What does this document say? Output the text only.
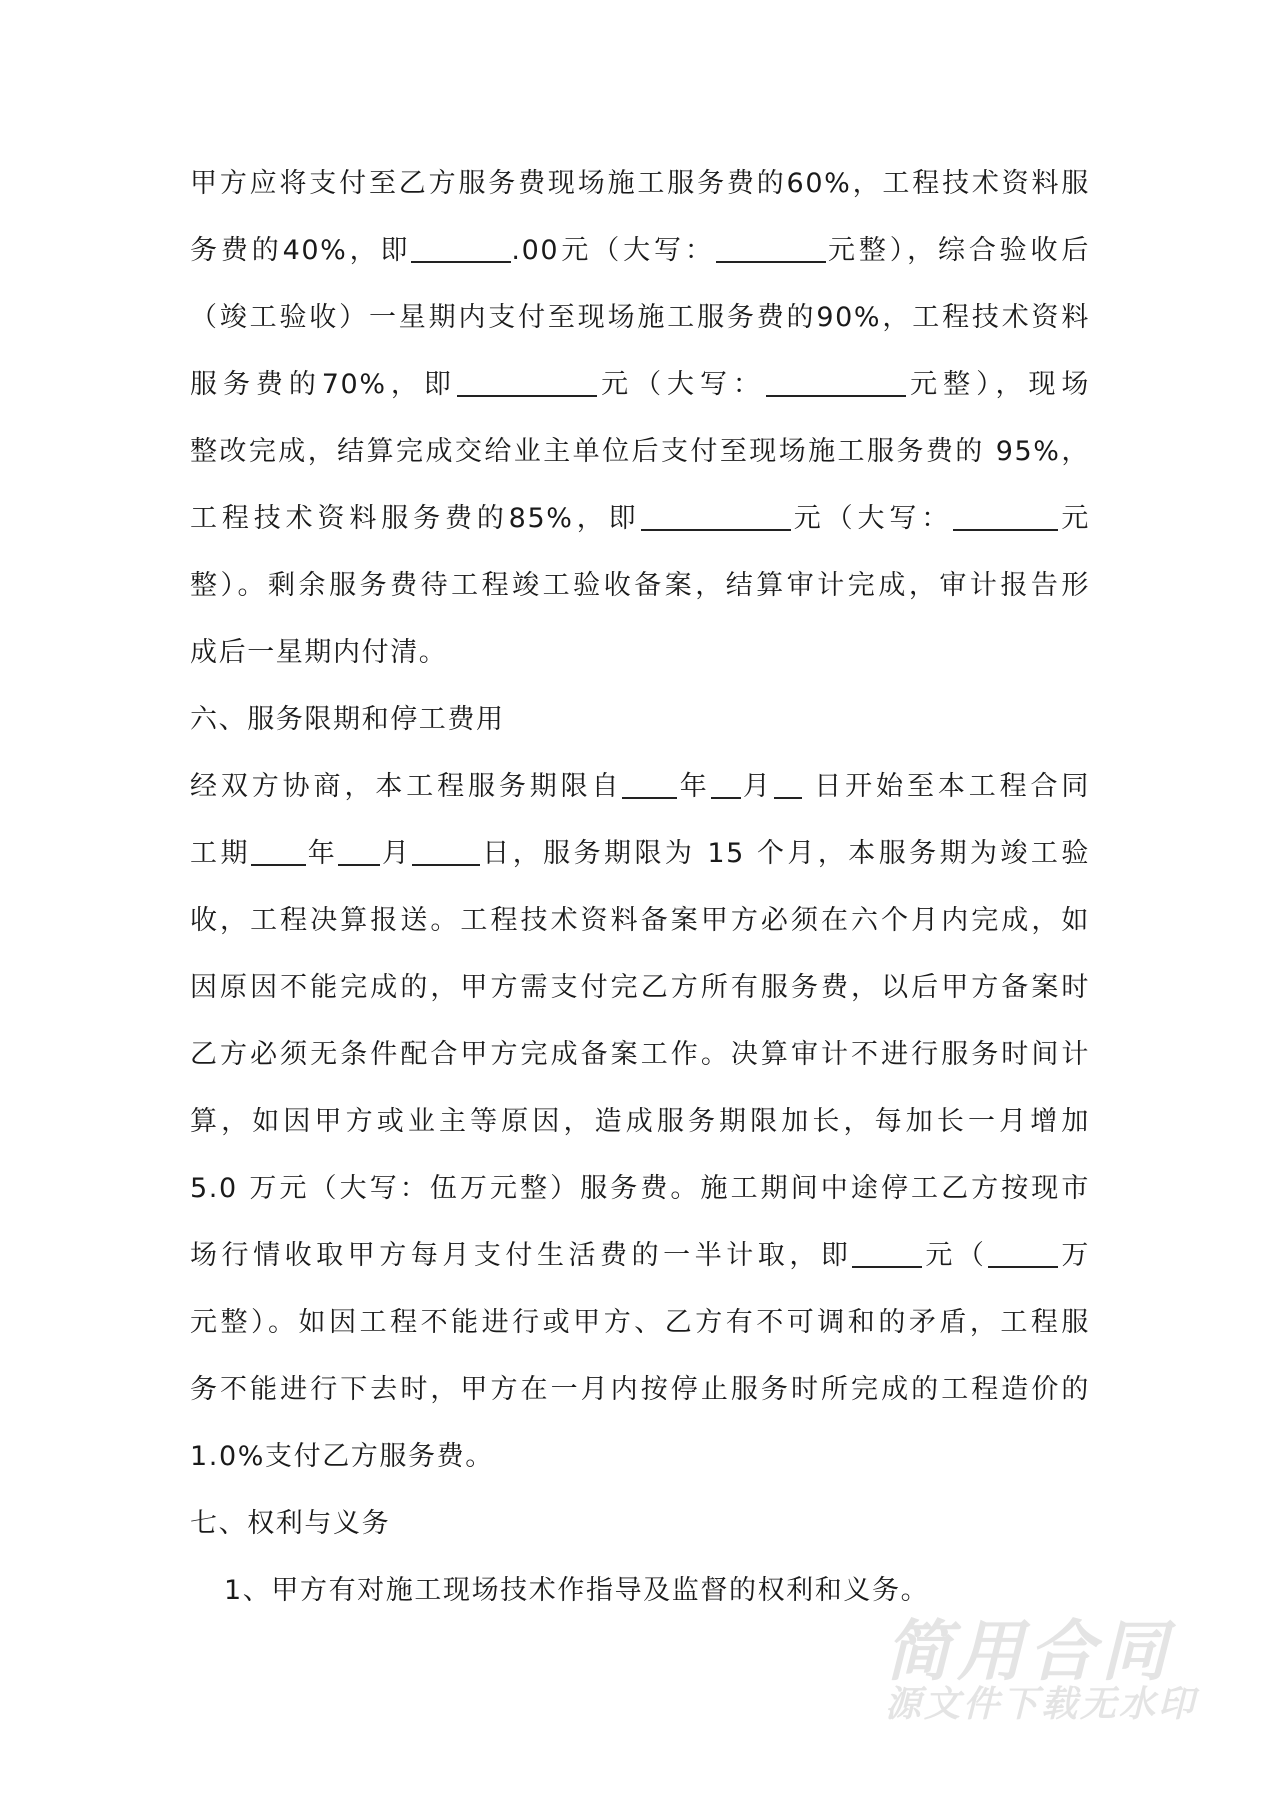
简用合同
源文件下载无水印
甲方应将支付至乙方服务费现场施工服务费的60%，工程技术资料服
务费的40%，即	.00元（大写：	元整），综合验收后
（竣工验收）一星期内支付至现场施工服务费的90%，工程技术资料
服务费的70%，即	元（大写：	元整），现场
整改完成，结算完成交给业主单位后支付至现场施工服务费的 95%，
工程技术资料服务费的85%，即	元（大写：	元
整）。剩余服务费待工程竣工验收备案，结算审计完成，审计报告形
成后一星期内付清。
六、服务限期和停工费用
经双方协商，本工程服务期限自 年 月 日开始至本工程合同
工期 年 月	日，服务期限为 15 个月，本服务期为竣工验
收，工程决算报送。工程技术资料备案甲方必须在六个月内完成，如
因原因不能完成的，甲方需支付完乙方所有服务费，以后甲方备案时
乙方必须无条件配合甲方完成备案工作。决算审计不进行服务时间计
算，如因甲方或业主等原因，造成服务期限加长，每加长一月增加
5.0 万元（大写：伍万元整）服务费。施工期间中途停工乙方按现市
场行情收取甲方每月支付生活费的一半计取，即	元（	万
元整）。如因工程不能进行或甲方、乙方有不可调和的矛盾，工程服
务不能进行下去时，甲方在一月内按停止服务时所完成的工程造价的
1.0%支付乙方服务费。
七、权利与义务
1、甲方有对施工现场技术作指导及监督的权利和义务。
